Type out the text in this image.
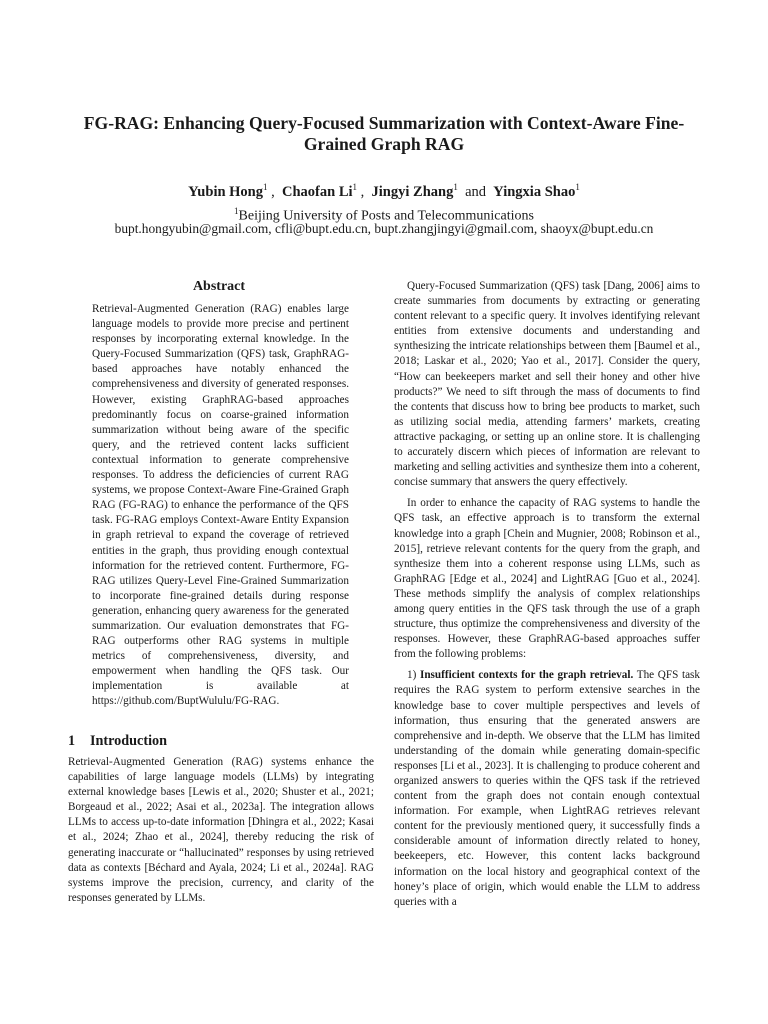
FG-RAG: Enhancing Query-Focused Summarization with Context-Aware Fine-Grained Graph RAG
Yubin Hong$^1$ , Chaofan Li$^1$ , Jingyi Zhang$^1$ and Yingxia Shao$^1$
$^1$Beijing University of Posts and Telecommunications
bupt.hongyubin@gmail.com, cfli@bupt.edu.cn, bupt.zhangjingyi@gmail.com, shaoyx@bupt.edu.cn
Abstract

Retrieval-Augmented Generation (RAG) enables large language models to provide more precise and pertinent responses by incorporating external knowledge. In the Query-Focused Summarization (QFS) task, GraphRAG-based approaches have notably enhanced the comprehensiveness and diversity of generated responses. However, existing GraphRAG-based approaches predominantly focus on coarse-grained information summarization without being aware of the specific query, and the retrieved content lacks sufficient contextual information to generate comprehensive responses. To address the deficiencies of current RAG systems, we propose Context-Aware Fine-Grained Graph RAG (FG-RAG) to enhance the performance of the QFS task. FG-RAG employs Context-Aware Entity Expansion in graph retrieval to expand the coverage of retrieved entities in the graph, thus providing enough contextual information for the retrieved content. Furthermore, FG-RAG utilizes Query-Level Fine-Grained Summarization to incorporate fine-grained details during response generation, enhancing query awareness for the generated summarization. Our evaluation demonstrates that FG-RAG outperforms other RAG systems in multiple metrics of comprehensiveness, diversity, and empowerment when handling the QFS task. Our implementation is available at https://github.com/BuptWululu/FG-RAG.

1 Introduction

Retrieval-Augmented Generation (RAG) systems enhance the capabilities of large language models (LLMs) by integrating external knowledge bases [Lewis et al., 2020; Shuster et al., 2021; Borgeaud et al., 2022; Asai et al., 2023a]. The integration allows LLMs to access up-to-date information [Dhingra et al., 2022; Kasai et al., 2024; Zhao et al., 2024], thereby reducing the risk of generating inaccurate or “hallucinated” responses by using retrieved data as contexts [Béchard and Ayala, 2024; Li et al., 2024a]. RAG systems improve the precision, currency, and clarity of the responses generated by LLMs.

Query-Focused Summarization (QFS) task [Dang, 2006] aims to create summaries from documents by extracting or generating content relevant to a specific query. It involves identifying relevant entities from extensive documents and understanding and synthesizing the intricate relationships between them [Baumel et al., 2018; Laskar et al., 2020; Yao et al., 2017]. Consider the query, “How can beekeepers market and sell their honey and other hive products?” We need to sift through the mass of documents to find the contents that discuss how to bring bee products to market, such as utilizing social media, attending farmers’ markets, creating attractive packaging, or setting up an online store. It is challenging to accurately discern which pieces of information are relevant to marketing and selling activities and synthesize them into a coherent, concise summary that answers the query effectively.

In order to enhance the capacity of RAG systems to handle the QFS task, an effective approach is to transform the external knowledge into a graph [Chein and Mugnier, 2008; Robinson et al., 2015], retrieve relevant contents for the query from the graph, and synthesize them into a coherent response using LLMs, such as GraphRAG [Edge et al., 2024] and LightRAG [Guo et al., 2024]. These methods simplify the analysis of complex relationships among query entities in the QFS task through the use of a graph structure, thus optimize the comprehensiveness and diversity of the responses. However, these GraphRAG-based approaches suffer from the following problems:

1) Insufficient contexts for the graph retrieval. The QFS task requires the RAG system to perform extensive searches in the knowledge base to cover multiple perspectives and levels of information, thus ensuring that the generated answers are comprehensive and in-depth. We observe that the LLM has limited understanding of the domain while generating domain-specific responses [Li et al., 2023]. It is challenging to produce coherent and organized answers to queries within the QFS task if the retrieved content from the graph does not contain enough contextual information. For example, when LightRAG retrieves relevant content for the previously mentioned query, it successfully finds a considerable amount of information directly related to honey, beekeepers, etc. However, this content lacks background information on the local history and geographical context of the honey’s place of origin, which would enable the LLM to address queries with a
